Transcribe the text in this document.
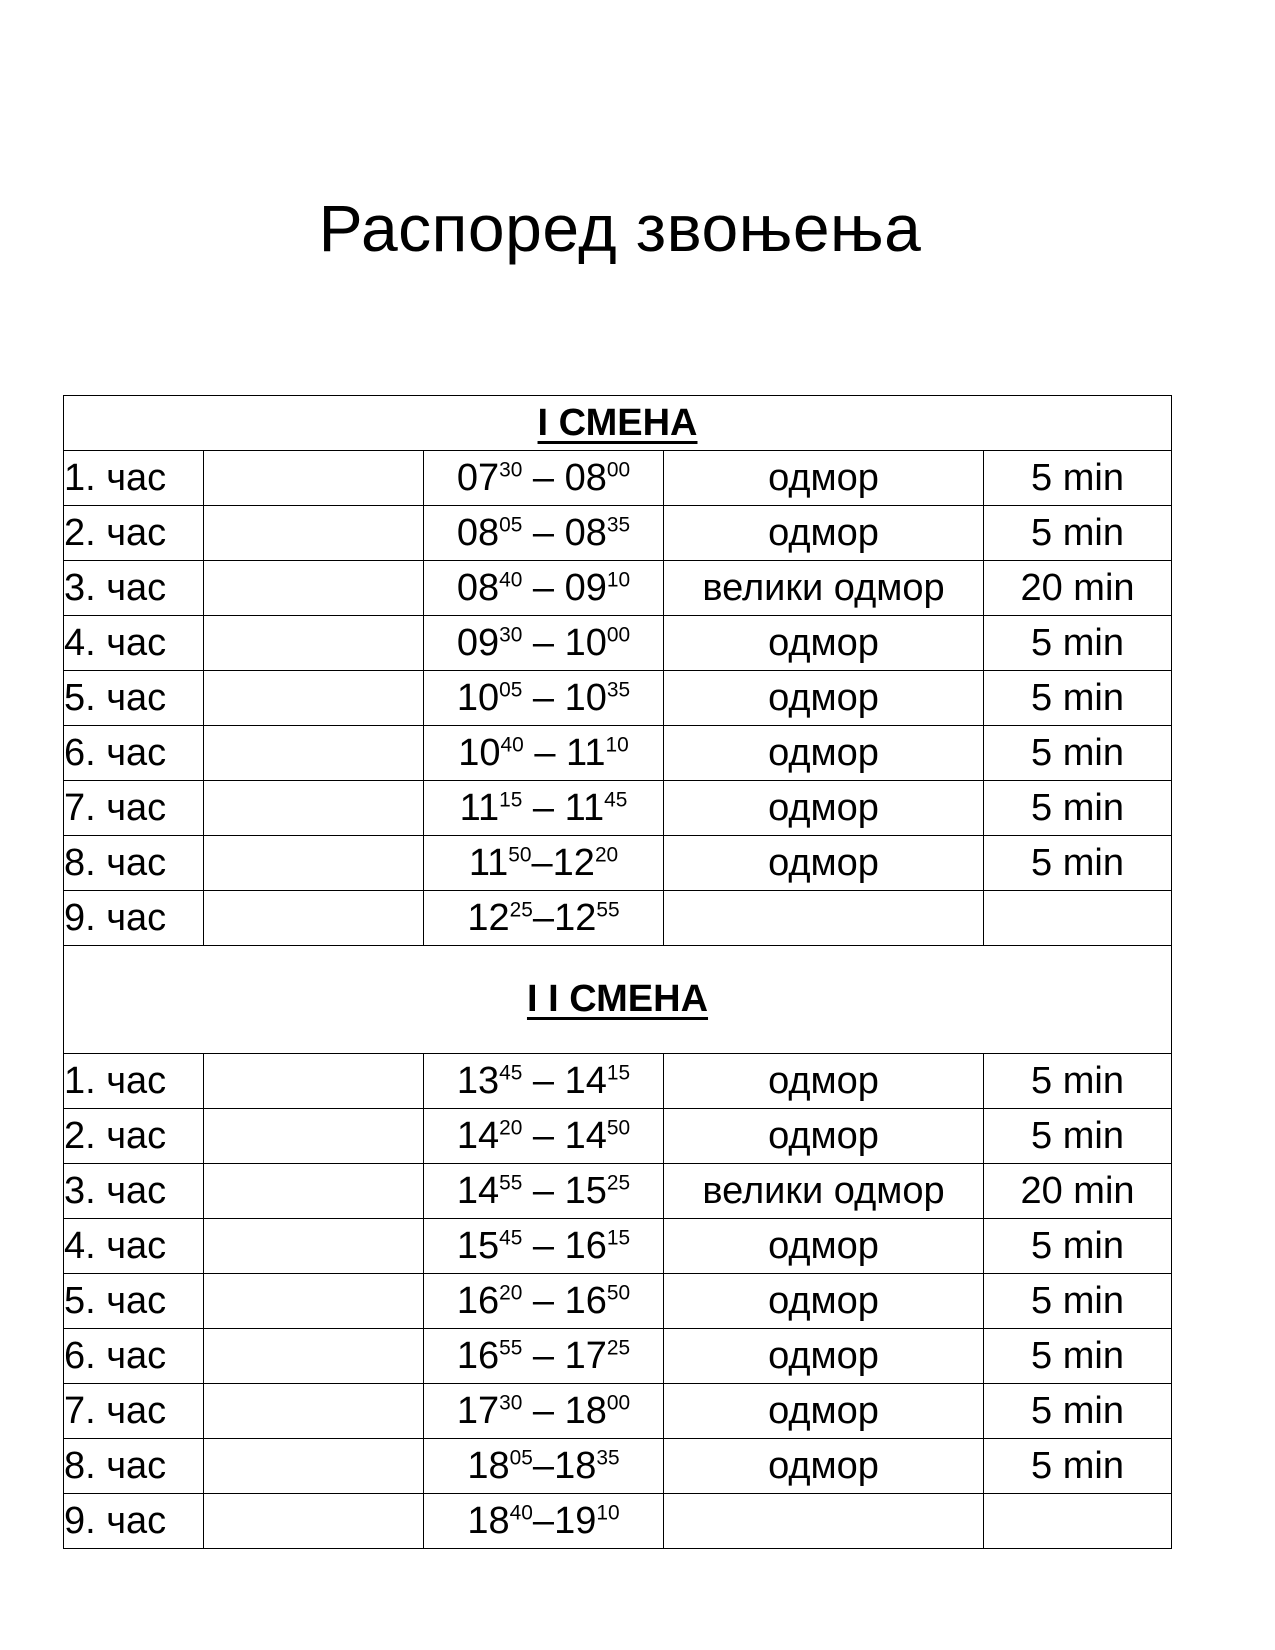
Распоред звоњења
I СМЕНА				
1. час		$07^{30} - 08^{00}$	одмор	5 min
2. час		$08^{05} - 08^{35}$	одмор	5 min
3. час		$08^{40} - 09^{10}$	велики одмор	20 min
4. час		$09^{30} - 10^{00}$	одмор	5 min
5. час		$10^{05} - 10^{35}$	одмор	5 min
6. час		$10^{40} - 11^{10}$	одмор	5 min
7. час		$11^{15} - 11^{45}$	одмор	5 min
8. час		$11^{50}-12^{20}$	одмор	5 min
9. час		$12^{25}-12^{55}$		
I I СМЕНА				
1. час		$13^{45} - 14^{15}$	одмор	5 min
2. час		$14^{20} - 14^{50}$	одмор	5 min
3. час		$14^{55} - 15^{25}$	велики одмор	20 min
4. час		$15^{45} - 16^{15}$	одмор	5 min
5. час		$16^{20} - 16^{50}$	одмор	5 min
6. час		$16^{55} - 17^{25}$	одмор	5 min
7. час		$17^{30} - 18^{00}$	одмор	5 min
8. час		$18^{05}-18^{35}$	одмор	5 min
9. час		$18^{40}-19^{10}$		
